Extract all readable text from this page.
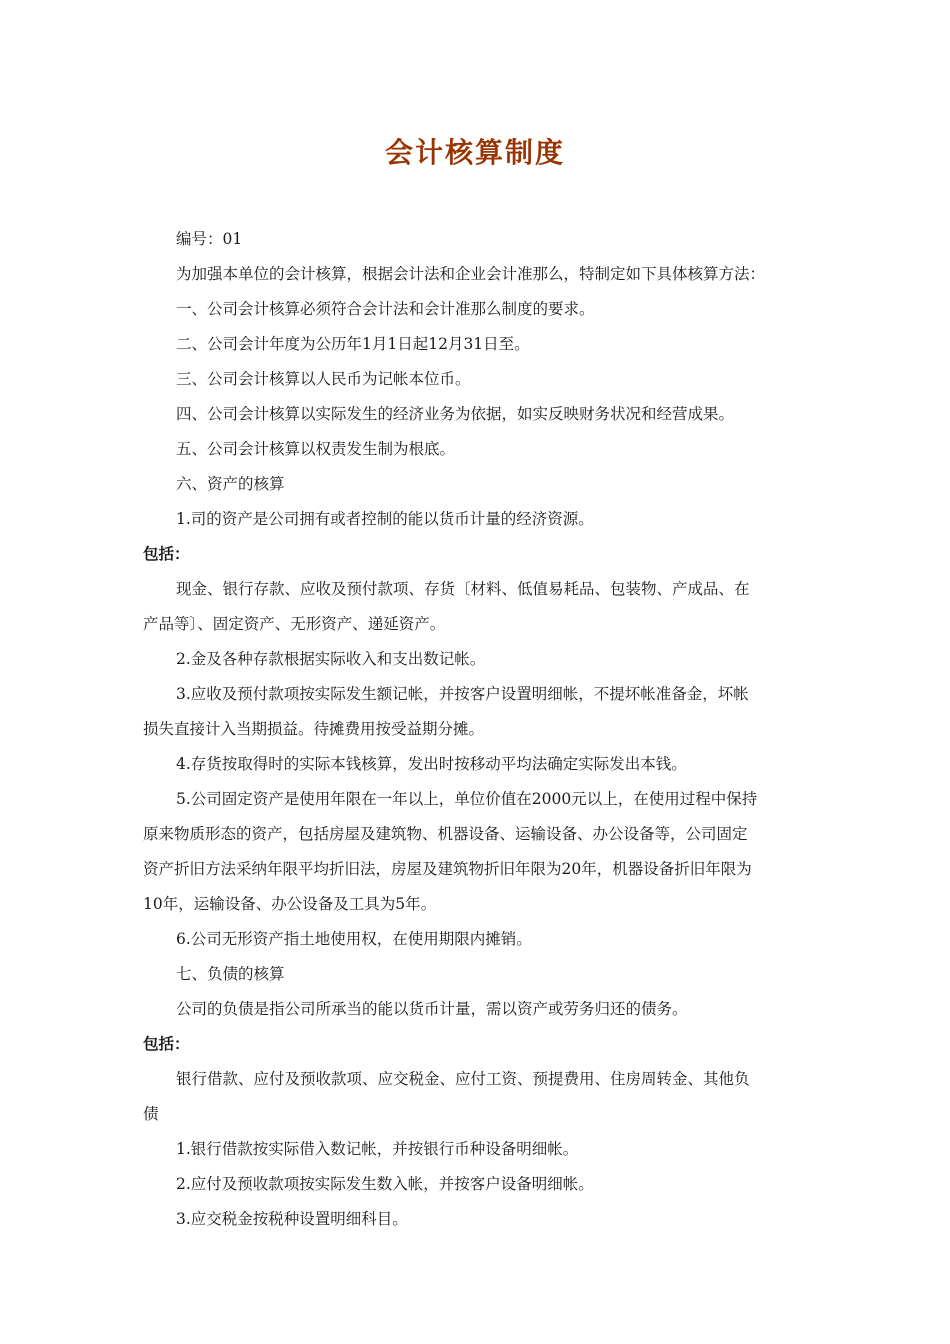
会计核算制度
编号：01
为加强本单位的会计核算，根据会计法和企业会计准那么，特制定如下具体核算方法：
一、公司会计核算必须符合会计法和会计准那么制度的要求。
二、公司会计年度为公历年1月1日起12月31日至。
三、公司会计核算以人民币为记帐本位币。
四、公司会计核算以实际发生的经济业务为依据，如实反映财务状况和经营成果。
五、公司会计核算以权责发生制为根底。
六、资产的核算
1.司的资产是公司拥有或者控制的能以货币计量的经济资源。
包括：
现金、银行存款、应收及预付款项、存货〔材料、低值易耗品、包装物、产成品、在
产品等〕、固定资产、无形资产、递延资产。
2.金及各种存款根据实际收入和支出数记帐。
3.应收及预付款项按实际发生额记帐，并按客户设置明细帐，不提坏帐准备金，坏帐
损失直接计入当期损益。待摊费用按受益期分摊。
4.存货按取得时的实际本钱核算，发出时按移动平均法确定实际发出本钱。
5.公司固定资产是使用年限在一年以上，单位价值在2000元以上，在使用过程中保持
原来物质形态的资产，包括房屋及建筑物、机器设备、运输设备、办公设备等，公司固定
资产折旧方法采纳年限平均折旧法，房屋及建筑物折旧年限为20年，机器设备折旧年限为
10年，运输设备、办公设备及工具为5年。
6.公司无形资产指土地使用权，在使用期限内摊销。
七、负债的核算
公司的负债是指公司所承当的能以货币计量，需以资产或劳务归还的债务。
包括：
银行借款、应付及预收款项、应交税金、应付工资、预提费用、住房周转金、其他负
债
1.银行借款按实际借入数记帐，并按银行币种设备明细帐。
2.应付及预收款项按实际发生数入帐，并按客户设备明细帐。
3.应交税金按税种设置明细科目。
